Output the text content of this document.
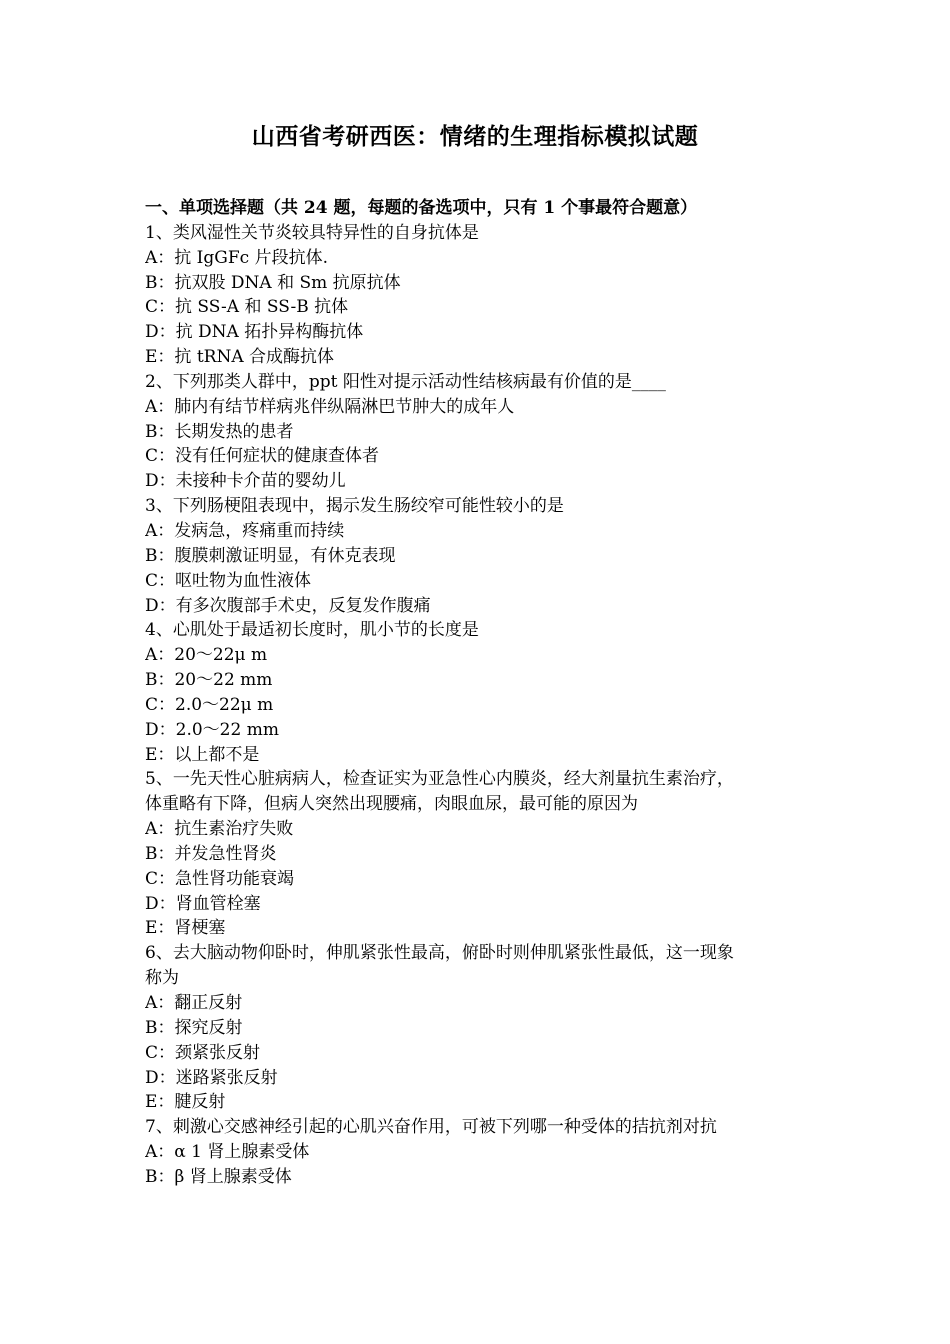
山西省考研西医：情绪的生理指标模拟试题
一、单项选择题（共 24 题，每题的备选项中，只有 1 个事最符合题意）
1、类风湿性关节炎较具特异性的自身抗体是
A：抗 IgGFc 片段抗体.
B：抗双股 DNA 和 Sm 抗原抗体
C：抗 SS-A 和 SS-B 抗体
D：抗 DNA 拓扑异构酶抗体
E：抗 tRNA 合成酶抗体
2、下列那类人群中，ppt 阳性对提示活动性结核病最有价值的是____
A：肺内有结节样病兆伴纵隔淋巴节肿大的成年人
B：长期发热的患者
C：没有任何症状的健康查体者
D：未接种卡介苗的婴幼儿
3、下列肠梗阻表现中，揭示发生肠绞窄可能性较小的是
A：发病急，疼痛重而持续
B：腹膜刺激证明显，有休克表现
C：呕吐物为血性液体
D：有多次腹部手术史，反复发作腹痛
4、心肌处于最适初长度时，肌小节的长度是
A：20～22μ m
B：20～22 mm
C：2.0～22μ m
D：2.0～22 mm
E：以上都不是
5、一先天性心脏病病人，检查证实为亚急性心内膜炎，经大剂量抗生素治疗，
体重略有下降，但病人突然出现腰痛，肉眼血尿，最可能的原因为
A：抗生素治疗失败
B：并发急性肾炎
C：急性肾功能衰竭
D：肾血管栓塞
E：肾梗塞
6、去大脑动物仰卧时，伸肌紧张性最高，俯卧时则伸肌紧张性最低，这一现象
称为
A：翻正反射
B：探究反射
C：颈紧张反射
D：迷路紧张反射
E：腱反射
7、刺激心交感神经引起的心肌兴奋作用，可被下列哪一种受体的拮抗剂对抗
A：α 1 肾上腺素受体
B：β 肾上腺素受体
